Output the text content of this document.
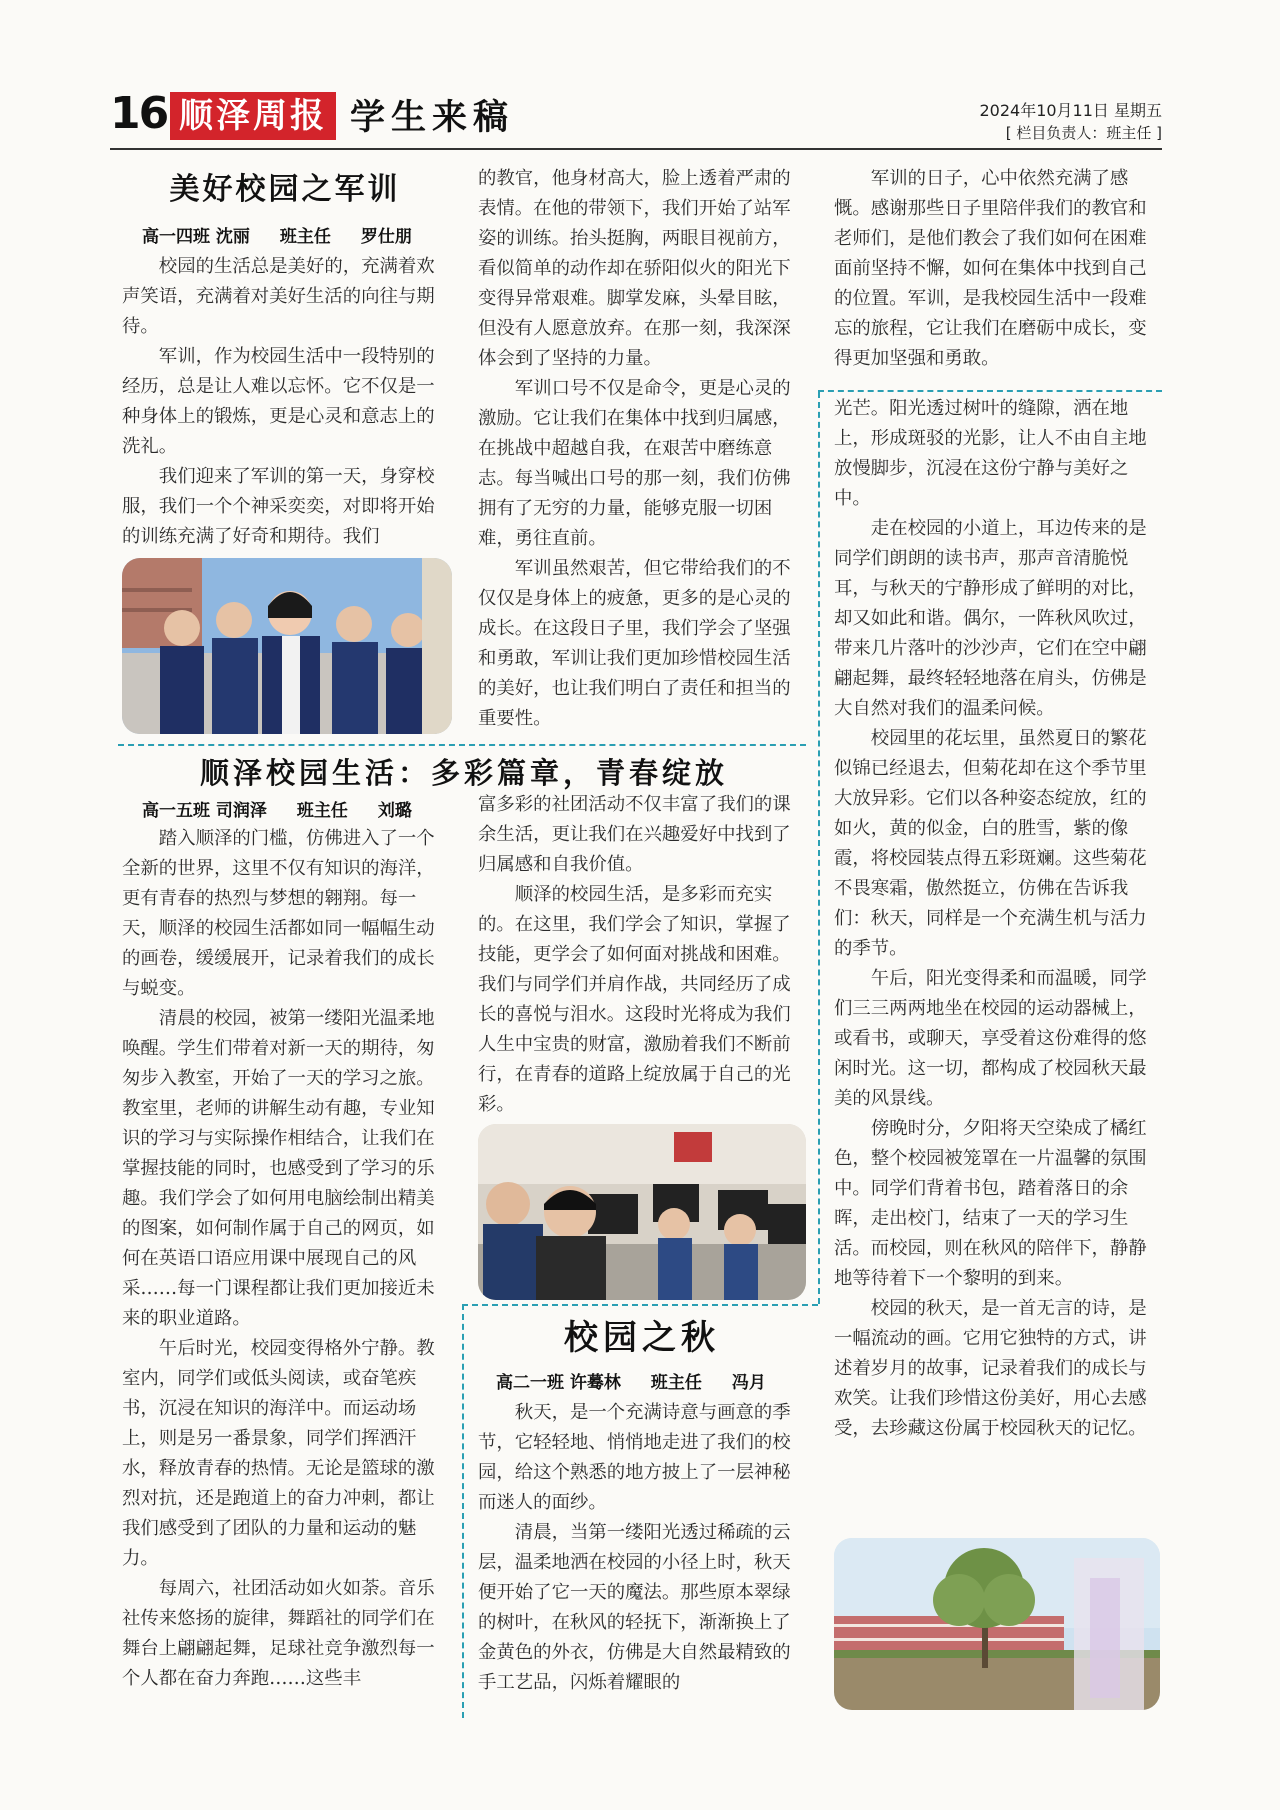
16 顺泽周报 学生来稿	2024年10月11日 星期五
[ 栏目负责人：班主任 ]
美好校园之军训
高一四班 沈丽 班主任 罗仕朋

校园的生活总是美好的，充满着欢声笑语，充满着对美好生活的向往与期待。

军训，作为校园生活中一段特别的经历，总是让人难以忘怀。它不仅是一种身体上的锻炼，更是心灵和意志上的洗礼。

我们迎来了军训的第一天，身穿校服，我们一个个神采奕奕，对即将开始的训练充满了好奇和期待。我们

的教官，他身材高大，脸上透着严肃的表情。在他的带领下，我们开始了站军姿的训练。抬头挺胸，两眼目视前方，看似简单的动作却在骄阳似火的阳光下变得异常艰难。脚掌发麻，头晕目眩，但没有人愿意放弃。在那一刻，我深深体会到了坚持的力量。

军训口号不仅是命令，更是心灵的激励。它让我们在集体中找到归属感，在挑战中超越自我，在艰苦中磨练意志。每当喊出口号的那一刻，我们仿佛拥有了无穷的力量，能够克服一切困难，勇往直前。

军训虽然艰苦，但它带给我们的不仅仅是身体上的疲惫，更多的是心灵的成长。在这段日子里，我们学会了坚强和勇敢，军训让我们更加珍惜校园生活的美好，也让我们明白了责任和担当的重要性。

军训的日子，心中依然充满了感慨。感谢那些日子里陪伴我们的教官和老师们，是他们教会了我们如何在困难面前坚持不懈，如何在集体中找到自己的位置。军训，是我校园生活中一段难忘的旅程，它让我们在磨砺中成长，变得更加坚强和勇敢。

顺泽校园生活：多彩篇章，青春绽放
高一五班 司润泽 班主任 刘璐

踏入顺泽的门槛，仿佛进入了一个全新的世界，这里不仅有知识的海洋，更有青春的热烈与梦想的翱翔。每一天，顺泽的校园生活都如同一幅幅生动的画卷，缓缓展开，记录着我们的成长与蜕变。

清晨的校园，被第一缕阳光温柔地唤醒。学生们带着对新一天的期待，匆匆步入教室，开始了一天的学习之旅。教室里，老师的讲解生动有趣，专业知识的学习与实际操作相结合，让我们在掌握技能的同时，也感受到了学习的乐趣。我们学会了如何用电脑绘制出精美的图案，如何制作属于自己的网页，如何在英语口语应用课中展现自己的风采……每一门课程都让我们更加接近未来的职业道路。

午后时光，校园变得格外宁静。教室内，同学们或低头阅读，或奋笔疾书，沉浸在知识的海洋中。而运动场上，则是另一番景象，同学们挥洒汗水，释放青春的热情。无论是篮球的激烈对抗，还是跑道上的奋力冲刺，都让我们感受到了团队的力量和运动的魅力。

每周六，社团活动如火如荼。音乐社传来悠扬的旋律，舞蹈社的同学们在舞台上翩翩起舞，足球社竞争激烈每一个人都在奋力奔跑……这些丰

富多彩的社团活动不仅丰富了我们的课余生活，更让我们在兴趣爱好中找到了归属感和自我价值。

顺泽的校园生活，是多彩而充实的。在这里，我们学会了知识，掌握了技能，更学会了如何面对挑战和困难。我们与同学们并肩作战，共同经历了成长的喜悦与泪水。这段时光将成为我们人生中宝贵的财富，激励着我们不断前行，在青春的道路上绽放属于自己的光彩。

校园之秋
高二一班 许蓦林 班主任 冯月

秋天，是一个充满诗意与画意的季节，它轻轻地、悄悄地走进了我们的校园，给这个熟悉的地方披上了一层神秘而迷人的面纱。

清晨，当第一缕阳光透过稀疏的云层，温柔地洒在校园的小径上时，秋天便开始了它一天的魔法。那些原本翠绿的树叶，在秋风的轻抚下，渐渐换上了金黄色的外衣，仿佛是大自然最精致的手工艺品，闪烁着耀眼的

光芒。阳光透过树叶的缝隙，洒在地上，形成斑驳的光影，让人不由自主地放慢脚步，沉浸在这份宁静与美好之中。

走在校园的小道上，耳边传来的是同学们朗朗的读书声，那声音清脆悦耳，与秋天的宁静形成了鲜明的对比，却又如此和谐。偶尔，一阵秋风吹过，带来几片落叶的沙沙声，它们在空中翩翩起舞，最终轻轻地落在肩头，仿佛是大自然对我们的温柔问候。

校园里的花坛里，虽然夏日的繁花似锦已经退去，但菊花却在这个季节里大放异彩。它们以各种姿态绽放，红的如火，黄的似金，白的胜雪，紫的像霞，将校园装点得五彩斑斓。这些菊花不畏寒霜，傲然挺立，仿佛在告诉我们：秋天，同样是一个充满生机与活力的季节。

午后，阳光变得柔和而温暖，同学们三三两两地坐在校园的运动器械上，或看书，或聊天，享受着这份难得的悠闲时光。这一切，都构成了校园秋天最美的风景线。

傍晚时分，夕阳将天空染成了橘红色，整个校园被笼罩在一片温馨的氛围中。同学们背着书包，踏着落日的余晖，走出校门，结束了一天的学习生活。而校园，则在秋风的陪伴下，静静地等待着下一个黎明的到来。

校园的秋天，是一首无言的诗，是一幅流动的画。它用它独特的方式，讲述着岁月的故事，记录着我们的成长与欢笑。让我们珍惜这份美好，用心去感受，去珍藏这份属于校园秋天的记忆。
